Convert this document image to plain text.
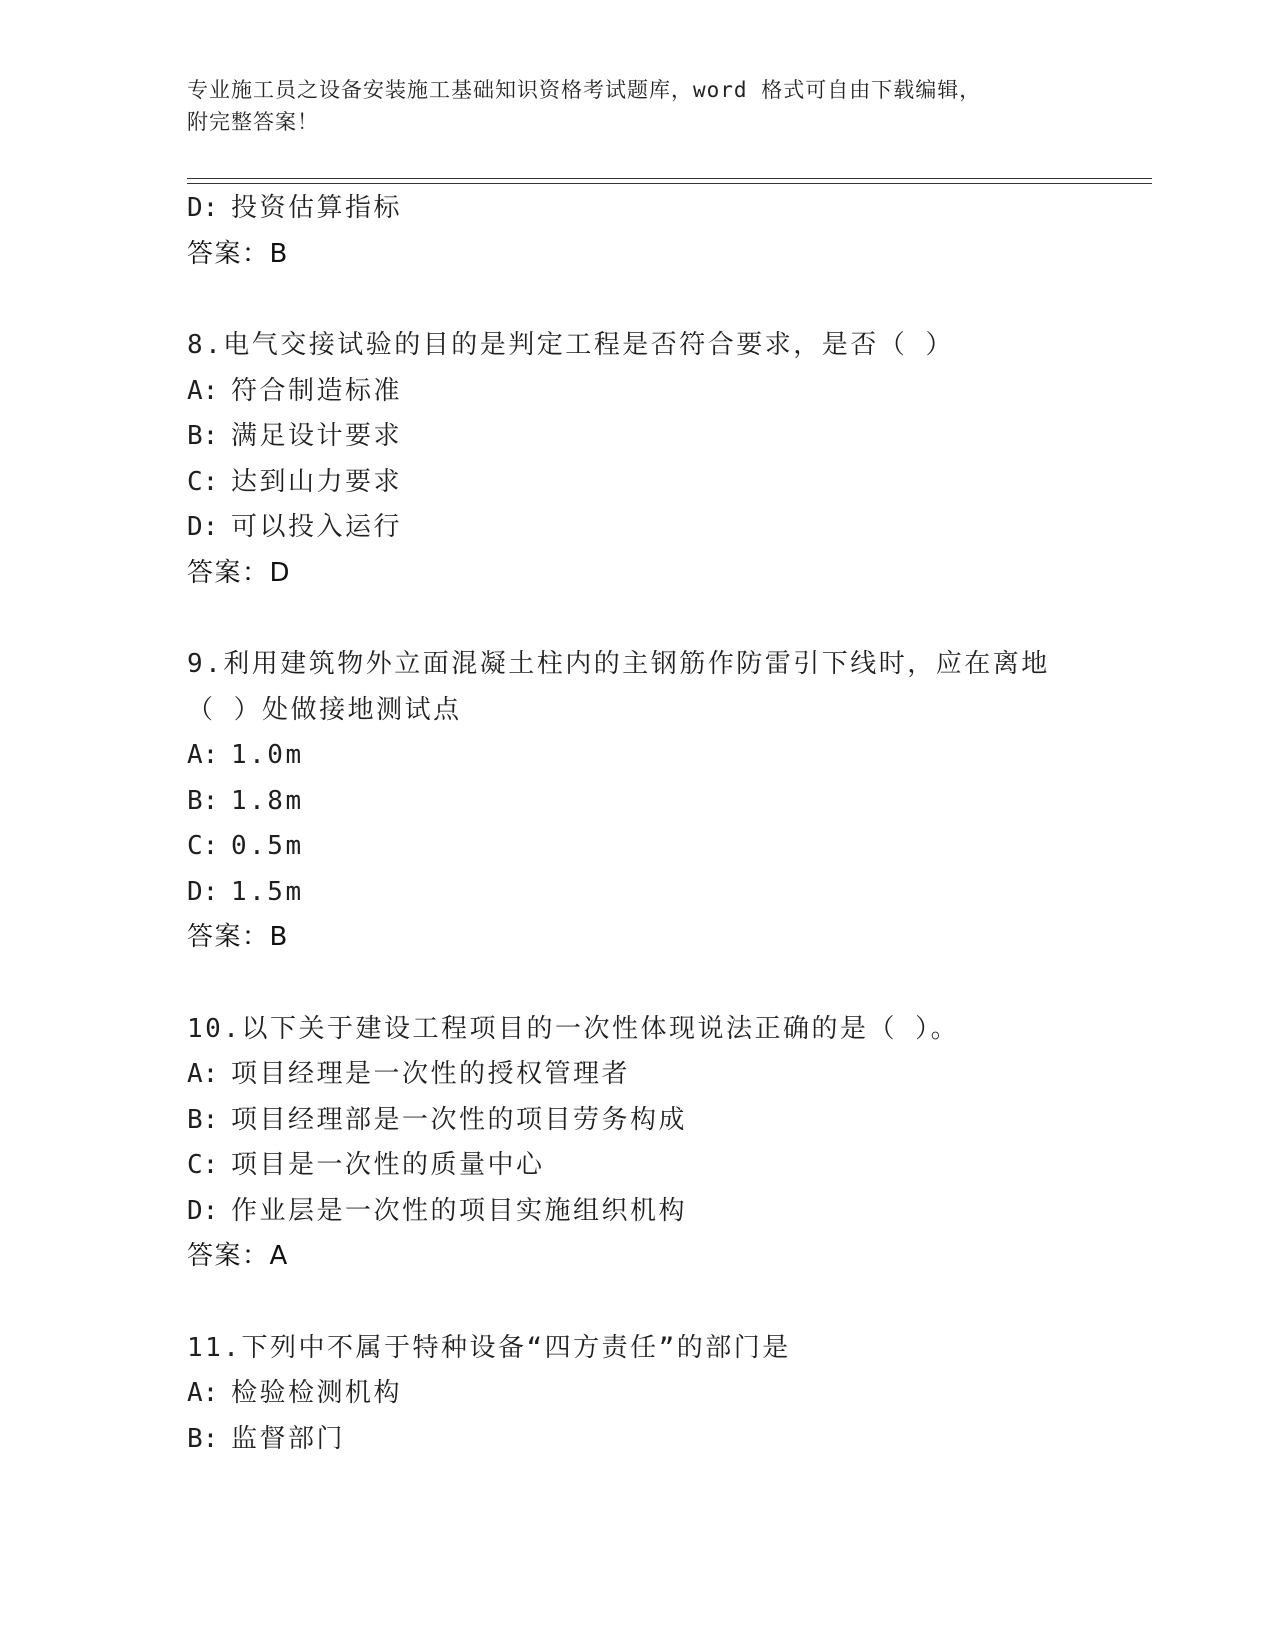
专业施工员之设备安装施工基础知识资格考试题库，word 格式可自由下载编辑，
附完整答案！
D: 投资估算指标
答案：B
8.电气交接试验的目的是判定工程是否符合要求，是否（ ）
A: 符合制造标准
B: 满足设计要求
C: 达到山力要求
D: 可以投入运行
答案：D
9.利用建筑物外立面混凝土柱内的主钢筋作防雷引下线时，应在离地
（ ）处做接地测试点
A: 1.0m
B: 1.8m
C: 0.5m
D: 1.5m
答案：B
10.以下关于建设工程项目的一次性体现说法正确的是（ ）。
A: 项目经理是一次性的授权管理者
B: 项目经理部是一次性的项目劳务构成
C: 项目是一次性的质量中心
D: 作业层是一次性的项目实施组织机构
答案：A
11.下列中不属于特种设备“四方责任”的部门是
A: 检验检测机构
B: 监督部门
